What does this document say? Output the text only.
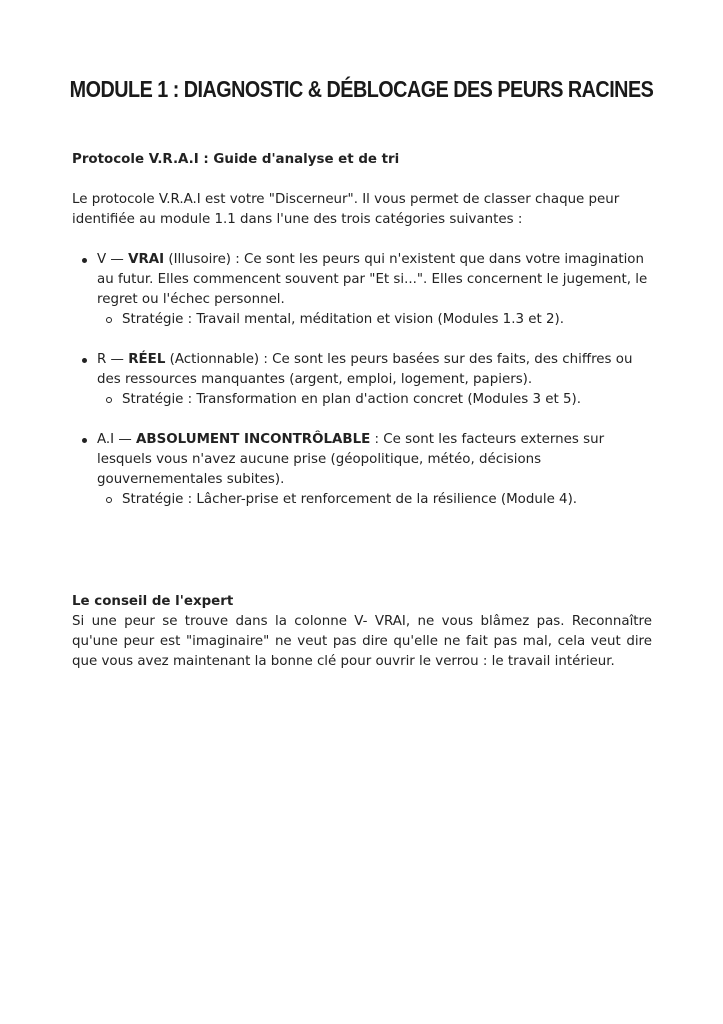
MODULE 1 : DIAGNOSTIC & DÉBLOCAGE DES PEURS RACINES

Protocole V.R.A.I : Guide d'analyse et de tri

Le protocole V.R.A.I est votre "Discerneur". Il vous permet de classer chaque peur identifiée au module 1.1 dans l'une des trois catégories suivantes :

V — VRAI (Illusoire) : Ce sont les peurs qui n'existent que dans votre imagination au futur. Elles commencent souvent par "Et si...". Elles concernent le jugement, le regret ou l'échec personnel.
Stratégie : Travail mental, méditation et vision (Modules 1.3 et 2).
R — RÉEL (Actionnable) : Ce sont les peurs basées sur des faits, des chiffres ou des ressources manquantes (argent, emploi, logement, papiers).
Stratégie : Transformation en plan d'action concret (Modules 3 et 5).
A.I — ABSOLUMENT INCONTRÔLABLE : Ce sont les facteurs externes sur lesquels vous n'avez aucune prise (géopolitique, météo, décisions gouvernementales subites).
Stratégie : Lâcher-prise et renforcement de la résilience (Module 4).

Le conseil de l'expert

Si une peur se trouve dans la colonne V- VRAI, ne vous blâmez pas. Reconnaître qu'une peur est "imaginaire" ne veut pas dire qu'elle ne fait pas mal, cela veut dire que vous avez maintenant la bonne clé pour ouvrir le verrou : le travail intérieur.
